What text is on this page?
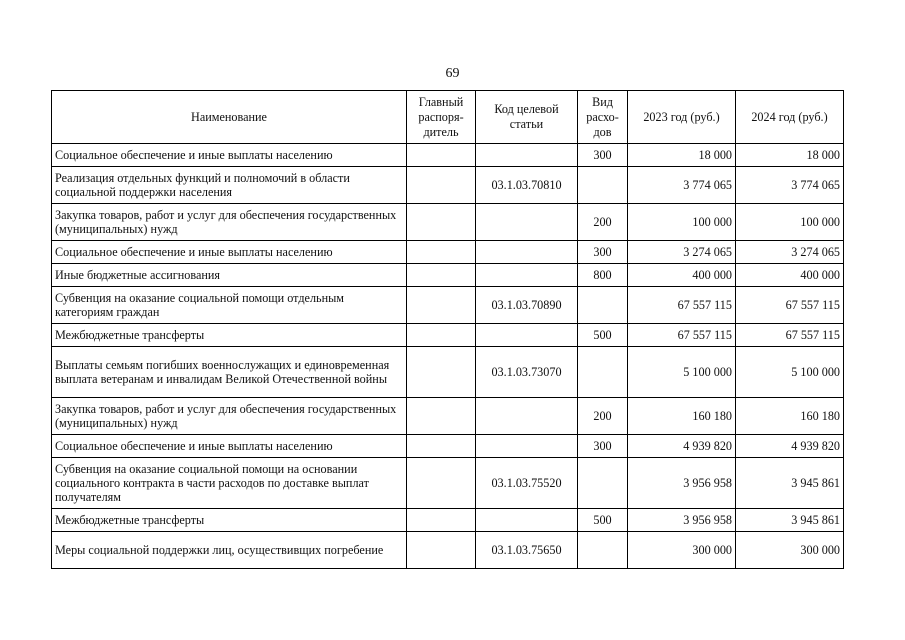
69
Наименование	Главный распоря-дитель	Код целевой статьи	Вид расхо-дов	2023 год (руб.)	2024 год (руб.)
Социальное обеспечение и иные выплаты населению			300	18 000	18 000
Реализация отдельных функций и полномочий в области социальной поддержки населения		03.1.03.70810		3 774 065	3 774 065
Закупка товаров, работ и услуг для обеспечения государственных (муниципальных) нужд			200	100 000	100 000
Социальное обеспечение и иные выплаты населению			300	3 274 065	3 274 065
Иные бюджетные ассигнования			800	400 000	400 000
Субвенция на оказание социальной помощи отдельным категориям граждан		03.1.03.70890		67 557 115	67 557 115
Межбюджетные трансферты			500	67 557 115	67 557 115
Выплаты семьям погибших военнослужащих и единовременная выплата ветеранам и инвалидам Великой Отечественной войны		03.1.03.73070		5 100 000	5 100 000
Закупка товаров, работ и услуг для обеспечения государственных (муниципальных) нужд			200	160 180	160 180
Социальное обеспечение и иные выплаты населению			300	4 939 820	4 939 820
Субвенция на оказание социальной помощи на основании социального контракта в части расходов по доставке выплат получателям		03.1.03.75520		3 956 958	3 945 861
Межбюджетные трансферты			500	3 956 958	3 945 861
Меры социальной поддержки лиц, осуществивщих погребение		03.1.03.75650		300 000	300 000
